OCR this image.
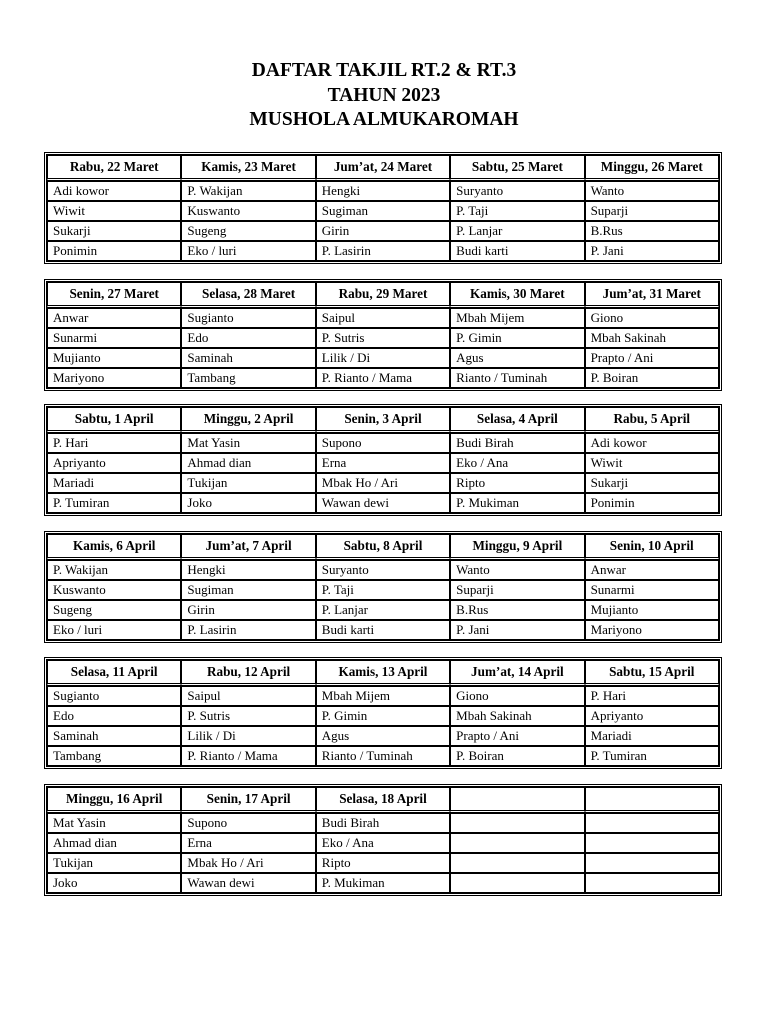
DAFTAR TAKJIL RT.2 & RT.3
TAHUN 2023
MUSHOLA ALMUKAROMAH
Rabu, 22 Maret	Kamis, 23 Maret	Jum’at, 24 Maret	Sabtu, 25 Maret	Minggu, 26 Maret
Adi kowor	P. Wakijan	Hengki	Suryanto	Wanto
Wiwit	Kuswanto	Sugiman	P. Taji	Suparji
Sukarji	Sugeng	Girin	P. Lanjar	B.Rus
Ponimin	Eko / luri	P. Lasirin	Budi karti	P. Jani
Senin, 27 Maret	Selasa, 28 Maret	Rabu, 29 Maret	Kamis, 30 Maret	Jum’at, 31 Maret
Anwar	Sugianto	Saipul	Mbah Mijem	Giono
Sunarmi	Edo	P. Sutris	P. Gimin	Mbah Sakinah
Mujianto	Saminah	Lilik / Di	Agus	Prapto / Ani
Mariyono	Tambang	P. Rianto / Mama	Rianto / Tuminah	P. Boiran
Sabtu, 1 April	Minggu, 2 April	Senin, 3 April	Selasa, 4 April	Rabu, 5 April
P. Hari	Mat Yasin	Supono	Budi Birah	Adi kowor
Apriyanto	Ahmad dian	Erna	Eko / Ana	Wiwit
Mariadi	Tukijan	Mbak Ho / Ari	Ripto	Sukarji
P. Tumiran	Joko	Wawan dewi	P. Mukiman	Ponimin
Kamis, 6 April	Jum’at, 7 April	Sabtu, 8 April	Minggu, 9 April	Senin, 10 April
P. Wakijan	Hengki	Suryanto	Wanto	Anwar
Kuswanto	Sugiman	P. Taji	Suparji	Sunarmi
Sugeng	Girin	P. Lanjar	B.Rus	Mujianto
Eko / luri	P. Lasirin	Budi karti	P. Jani	Mariyono
Selasa, 11 April	Rabu, 12 April	Kamis, 13 April	Jum’at, 14 April	Sabtu, 15 April
Sugianto	Saipul	Mbah Mijem	Giono	P. Hari
Edo	P. Sutris	P. Gimin	Mbah Sakinah	Apriyanto
Saminah	Lilik / Di	Agus	Prapto / Ani	Mariadi
Tambang	P. Rianto / Mama	Rianto / Tuminah	P. Boiran	P. Tumiran
Minggu, 16 April	Senin, 17 April	Selasa, 18 April		
Mat Yasin	Supono	Budi Birah		
Ahmad dian	Erna	Eko / Ana		
Tukijan	Mbak Ho / Ari	Ripto		
Joko	Wawan dewi	P. Mukiman		
